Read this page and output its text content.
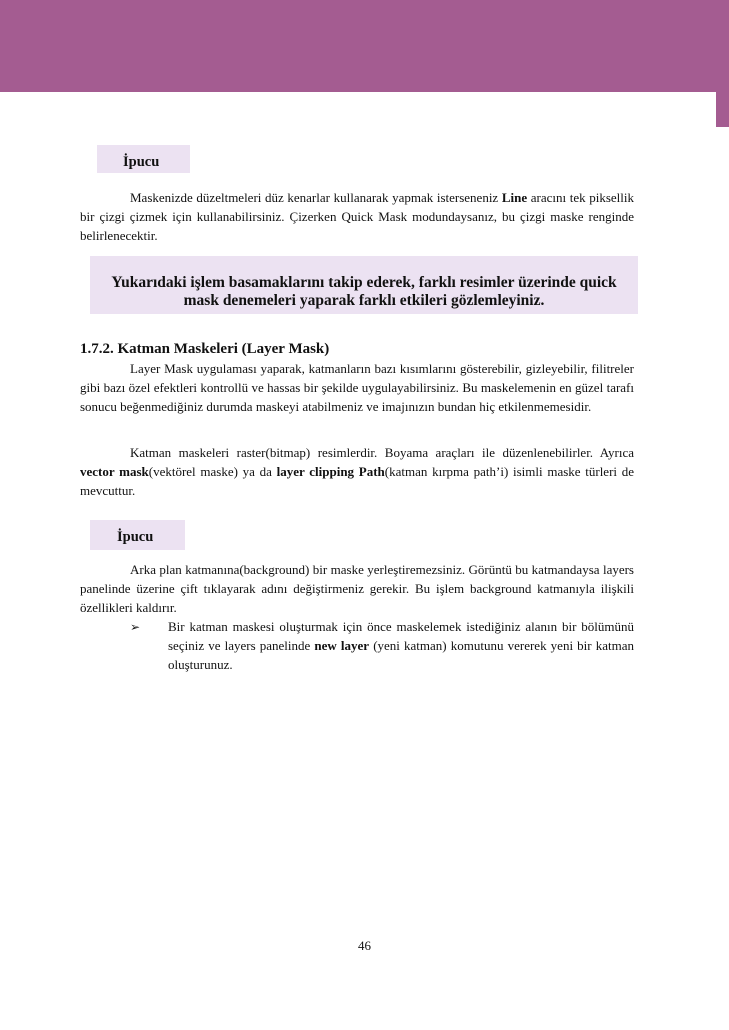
İpucu

Maskenizde düzeltmeleri düz kenarlar kullanarak yapmak isterseneniz Line aracını tek piksellik bir çizgi çizmek için kullanabilirsiniz. Çizerken Quick Mask modundaysanız, bu çizgi maske renginde belirlenecektir.

Yukarıdaki işlem basamaklarını takip ederek, farklı resimler üzerinde quick
mask denemeleri yaparak farklı etkileri gözlemleyiniz.
1.7.2. Katman Maskeleri (Layer Mask)

Layer Mask uygulaması yaparak, katmanların bazı kısımlarını gösterebilir, gizleyebilir, filitreler gibi bazı özel efektleri kontrollü ve hassas bir şekilde uygulayabilirsiniz. Bu maskelemenin en güzel tarafı sonucu beğenmediğiniz durumda maskeyi atabilmeniz ve imajınızın bundan hiç etkilenmemesidir.

Katman maskeleri raster(bitmap) resimlerdir. Boyama araçları ile düzenlenebilirler. Ayrıca vector mask(vektörel maske) ya da layer clipping Path(katman kırpma path’i) isimli maske türleri de mevcuttur.

İpucu

Arka plan katmanına(background) bir maske yerleştiremezsiniz. Görüntü bu katmandaysa layers panelinde üzerine çift tıklayarak adını değiştirmeniz gerekir. Bu işlem background katmanıyla ilişkili özellikleri kaldırır.

➢ Bir katman maskesi oluşturmak için önce maskelemek istediğiniz alanın bir bölümünü seçiniz ve layers panelinde new layer (yeni katman) komutunu vererek yeni bir katman oluşturunuz.

46
